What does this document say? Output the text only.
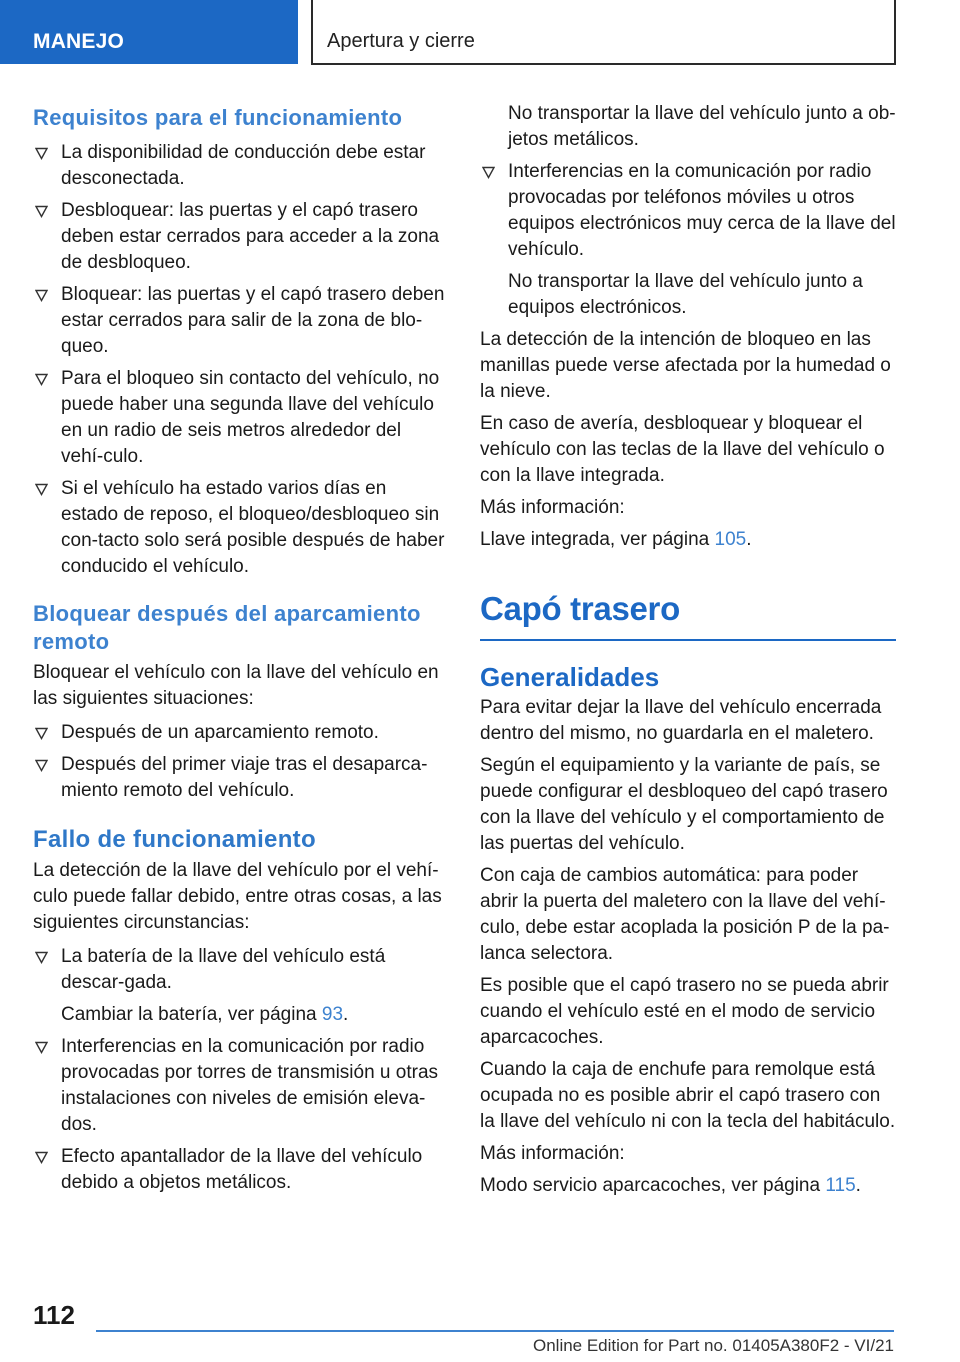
MANEJO	Apertura y cierre
Requisitos para el funcionamiento
La disponibilidad de conducción debe estar desconectada.
Desbloquear: las puertas y el capó trasero deben estar cerrados para acceder a la zona de desbloqueo.
Bloquear: las puertas y el capó trasero deben estar cerrados para salir de la zona de blo‐queo.
Para el bloqueo sin contacto del vehículo, no puede haber una segunda llave del vehículo en un radio de seis metros alrededor del vehí‐culo.
Si el vehículo ha estado varios días en estado de reposo, el bloqueo/desbloqueo sin con‐tacto solo será posible después de haber conducido el vehículo.
Bloquear después del aparcamiento remoto

Bloquear el vehículo con la llave del vehículo en las siguientes situaciones:

Después de un aparcamiento remoto.
Después del primer viaje tras el desaparca‐miento remoto del vehículo.
Fallo de funcionamiento

La detección de la llave del vehículo por el vehí‐culo puede fallar debido, entre otras cosas, a las siguientes circunstancias:

La batería de la llave del vehículo está descar‐gada.

Cambiar la batería, ver página 93.

Interferencias en la comunicación por radio provocadas por torres de transmisión u otras instalaciones con niveles de emisión eleva‐dos.
Efecto apantallador de la llave del vehículo debido a objetos metálicos.

No transportar la llave del vehículo junto a ob‐jetos metálicos.

Interferencias en la comunicación por radio provocadas por teléfonos móviles u otros equipos electrónicos muy cerca de la llave del vehículo.

No transportar la llave del vehículo junto a equipos electrónicos.

La detección de la intención de bloqueo en las manillas puede verse afectada por la humedad o la nieve.

En caso de avería, desbloquear y bloquear el vehículo con las teclas de la llave del vehículo o con la llave integrada.

Más información:

Llave integrada, ver página 105.

Capó trasero
Generalidades

Para evitar dejar la llave del vehículo encerrada dentro del mismo, no guardarla en el maletero.

Según el equipamiento y la variante de país, se puede configurar el desbloqueo del capó trasero con la llave del vehículo y el comportamiento de las puertas del vehículo.

Con caja de cambios automática: para poder abrir la puerta del maletero con la llave del vehí‐culo, debe estar acoplada la posición P de la pa‐lanca selectora.

Es posible que el capó trasero no se pueda abrir cuando el vehículo esté en el modo de servicio aparcacoches.

Cuando la caja de enchufe para remolque está ocupada no es posible abrir el capó trasero con la llave del vehículo ni con la tecla del habitáculo.

Más información:

Modo servicio aparcacoches, ver página 115.

112
Online Edition for Part no. 01405A380F2 - VI/21
